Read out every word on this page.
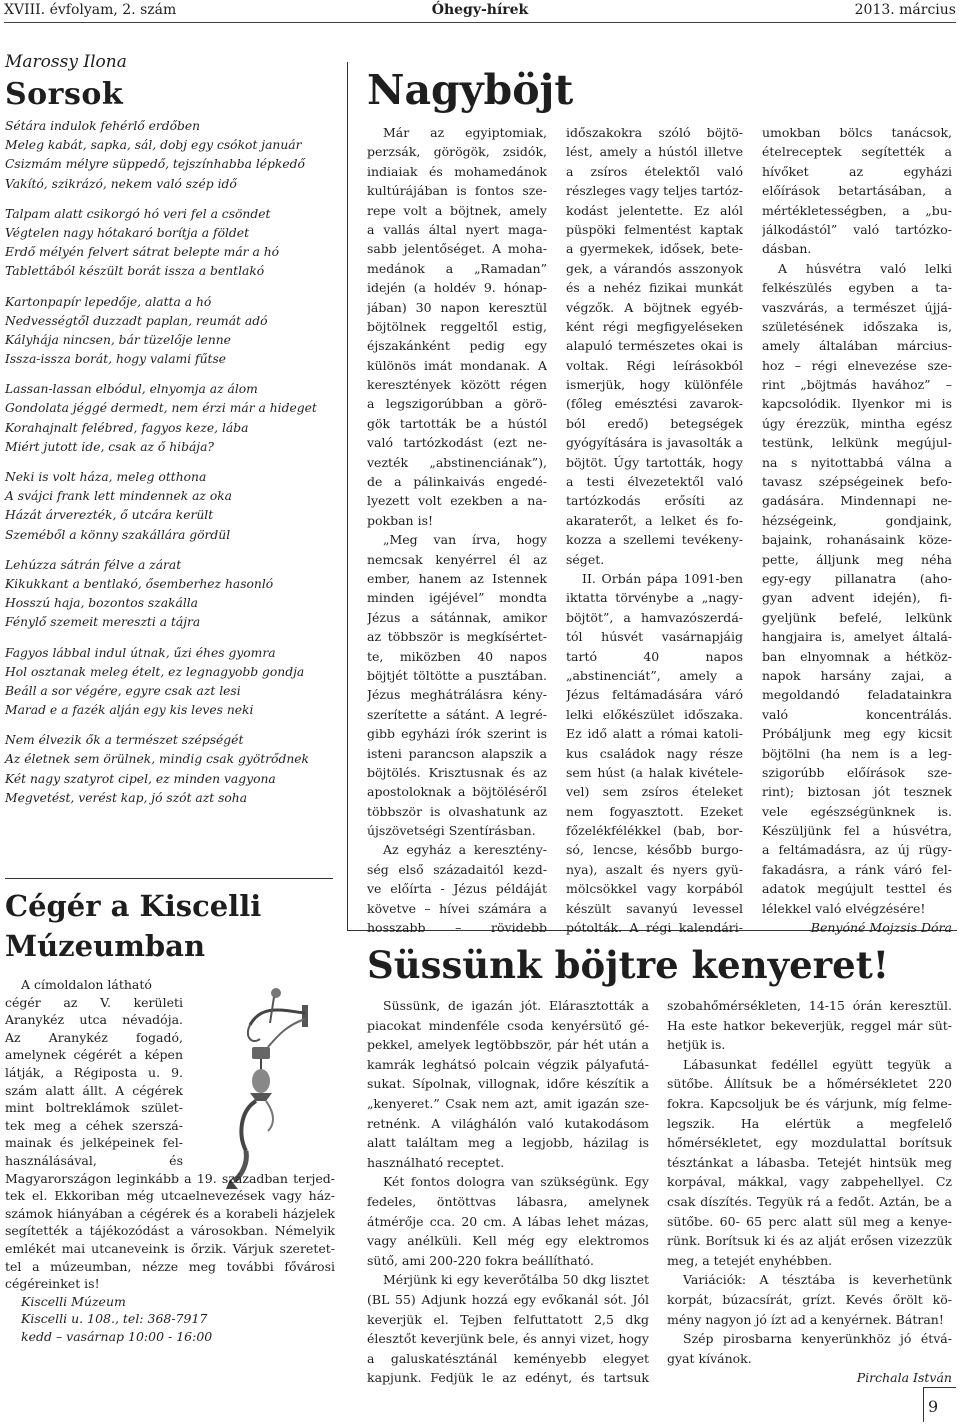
Óhegy-hírek
XVIII. évfolyam, 2. szám	2013. március
Marossy Ilona
Sorsok

Sétára indulok fehérlő erdőben

Meleg kabát, sapka, sál, dobj egy csókot január

Csizmám mélyre süppedő, tejszínhabba lépkedő

Vakító, szikrázó, nekem való szép idő

Talpam alatt csikorgó hó veri fel a csöndet

Végtelen nagy hótakaró borítja a földet

Erdő mélyén felvert sátrat belepte már a hó

Tablettából készült borát issza a bentlakó

Kartonpapír lepedője, alatta a hó

Nedvességtől duzzadt paplan, reumát adó

Kályhája nincsen, bár tüzelője lenne

Issza-issza borát, hogy valami fűtse

Lassan-lassan elbódul, elnyomja az álom

Gondolata jéggé dermedt, nem érzi már a hideget

Korahajnalt felébred, fagyos keze, lába

Miért jutott ide, csak az ő hibája?

Neki is volt háza, meleg otthona

A svájci frank lett mindennek az oka

Házát árverezték, ő utcára került

Szeméből a könny szakállára gördül

Lehúzza sátrán félve a zárat

Kikukkant a bentlakó, ősemberhez hasonló

Hosszú haja, bozontos szakálla

Fénylő szemeit mereszti a tájra

Fagyos lábbal indul útnak, űzi éhes gyomra

Hol osztanak meleg ételt, ez legnagyobb gondja

Beáll a sor végére, egyre csak azt lesi

Marad e a fazék alján egy kis leves neki

Nem élvezik ők a természet szépségét

Az életnek sem örülnek, mindig csak gyötrődnek

Két nagy szatyrot cipel, ez minden vagyona

Megvetést, verést kap, jó szót azt soha

Cégér a Kiscelli
Múzeumban

A címoldalon látható

cégér az V. kerületi

Aranykéz utca névadója.

Az Aranykéz fogadó,

amelynek cégérét a képen

látják, a Régiposta u. 9.

szám alatt állt. A cégérek

mint boltreklámok szület-

tek meg a céhek szerszá-

mainak és jelképeinek fel-

használásával, és

Magyarországon leginkább a 19. században terjed-

tek el. Ekkoriban még utcaelnevezések vagy ház-

számok hiányában a cégérek és a korabeli házjelek

segítették a tájékozódást a városokban. Némelyik

emlékét mai utcaneveink is őrzik. Várjuk szeretet-

tel a múzeumban, nézze meg további fővárosi

cégéreinket is!

Kiscelli Múzeum

Kiscelli u. 108., tel: 368-7917

kedd – vasárnap 10:00 - 16:00

Nagyböjt

Már az egyiptomiak,

perzsák, görögök, zsidók,

indiaiak és mohamedánok

kultúrájában is fontos sze-

repe volt a böjtnek, amely

a vallás által nyert maga-

sabb jelentőséget. A moha-

medánok a „Ramadan”

idején (a holdév 9. hónap-

jában) 30 napon keresztül

böjtölnek reggeltől estig,

éjszakánként pedig egy

különös imát mondanak. A

keresztények között régen

a legszigorúbban a görö-

gök tartották be a hústól

való tartózkodást (ezt ne-

vezték „abstinenciának”),

de a pálinkaivás engedé-

lyezett volt ezekben a na-

pokban is!

„Meg van írva, hogy

nemcsak kenyérrel él az

ember, hanem az Istennek

minden igéjével” mondta

Jézus a sátánnak, amikor

az többször is megkísértet-

te, miközben 40 napos

böjtjét töltötte a pusztában.

Jézus meghátrálásra kény-

szerítette a sátánt. A legré-

gibb egyházi írók szerint is

isteni parancson alapszik a

böjtölés. Krisztusnak és az

apostoloknak a böjtöléséről

többször is olvashatunk az

újszövetségi Szentírásban.

Az egyház a keresztény-

ség első századaitól kezd-

ve előírta - Jézus példáját

követve – hívei számára a

hosszabb – rövidebb

időszakokra szóló böjtö-

lést, amely a hústól illetve

a zsíros ételektől való

részleges vagy teljes tartóz-

kodást jelentette. Ez alól

püspöki felmentést kaptak

a gyermekek, idősek, bete-

gek, a várandós asszonyok

és a nehéz fizikai munkát

végzők. A böjtnek egyéb-

ként régi megfigyeléseken

alapuló természetes okai is

voltak. Régi leírásokból

ismerjük, hogy különféle

(főleg emésztési zavarok-

ból eredő) betegségek

gyógyítására is javasolták a

böjtöt. Úgy tartották, hogy

a testi élvezetektől való

tartózkodás erősíti az

akaraterőt, a lelket és fo-

kozza a szellemi tevékeny-

séget.

II. Orbán pápa 1091-ben

iktatta törvénybe a „nagy-

böjtöt”, a hamvazószerdá-

tól húsvét vasárnapjáig

tartó 40 napos

„abstinenciát”, amely a

Jézus feltámadására váró

lelki előkészület időszaka.

Ez idő alatt a római katoli-

kus családok nagy része

sem húst (a halak kivétele-

vel) sem zsíros ételeket

nem fogyasztott. Ezeket

főzelékfélékkel (bab, bor-

só, lencse, később burgo-

nya), aszalt és nyers gyü-

mölcsökkel vagy korpából

készült savanyú levessel

pótolták. A régi kalendári-

umokban bölcs tanácsok,

ételreceptek segítették a

hívőket az egyházi

előírások betartásában, a

mértékletességben, a „bu-

jálkodástól” való tartózko-

dásban.

A húsvétra való lelki

felkészülés egyben a ta-

vaszvárás, a természet újjá-

születésének időszaka is,

amely általában március-

hoz – régi elnevezése sze-

rint „böjtmás havához” –

kapcsolódik. Ilyenkor mi is

úgy érezzük, mintha egész

testünk, lelkünk megújul-

na s nyitottabbá válna a

tavasz szépségeinek befo-

gadására. Mindennapi ne-

hézségeink, gondjaink,

bajaink, rohanásaink köze-

pette, álljunk meg néha

egy-egy pillanatra (aho-

gyan advent idején), fi-

gyeljünk befelé, lelkünk

hangjaira is, amelyet általá-

ban elnyomnak a hétköz-

napok harsány zajai, a

megoldandó feladatainkra

való koncentrálás.

Próbáljunk meg egy kicsit

böjtölni (ha nem is a leg-

szigorúbb előírások sze-

rint); biztosan jót tesznek

vele egészségünknek is.

Készüljünk fel a húsvétra,

a feltámadásra, az új rügy-

fakadásra, a ránk váró fel-

adatok megújult testtel és

lélekkel való elvégzésére!

Benyóné Mojzsis Dóra

Süssünk böjtre kenyeret!

Süssünk, de igazán jót. Elárasztották a

piacokat mindenféle csoda kenyérsütő gé-

pekkel, amelyek legtöbbször, pár hét után a

kamrák leghátsó polcain végzik pályafutá-

sukat. Sípolnak, villognak, időre készítik a

„kenyeret.” Csak nem azt, amit igazán sze-

retnénk. A világhálón való kutakodásom

alatt találtam meg a legjobb, házilag is

használható receptet.

Két fontos dologra van szükségünk. Egy

fedeles, öntöttvas lábasra, amelynek

átmérője cca. 20 cm. A lábas lehet mázas,

vagy anélküli. Kell még egy elektromos

sütő, ami 200-220 fokra beállítható.

Mérjünk ki egy keverőtálba 50 dkg lisztet

(BL 55) Adjunk hozzá egy evőkanál sót. Jól

keverjük el. Tejben felfuttatott 2,5 dkg

élesztőt keverjünk bele, és annyi vizet, hogy

a galuskatésztánál keményebb elegyet

kapjunk. Fedjük le az edényt, és tartsuk

szobahőmérsékleten, 14-15 órán keresztül.

Ha este hatkor bekeverjük, reggel már süt-

hetjük is.

Lábasunkat fedéllel együtt tegyük a

sütőbe. Állítsuk be a hőmérsékletet 220

fokra. Kapcsoljuk be és várjunk, míg felme-

legszik. Ha elértük a megfelelő

hőmérsékletet, egy mozdulattal borítsuk

tésztánkat a lábasba. Tetejét hintsük meg

korpával, mákkal, vagy zabpehellyel. Cz

csak díszítés. Tegyük rá a fedőt. Aztán, be a

sütőbe. 60- 65 perc alatt sül meg a kenye-

rünk. Borítsuk ki és az alját erősen vizezzük

meg, a tetejét enyhébben.

Variációk: A tésztába is keverhetünk

korpát, búzacsírát, grízt. Kevés őrölt kö-

mény nagyon jó ízt ad a kenyérnek. Bátran!

Szép pirosbarna kenyerünkhöz jó étvá-

gyat kívánok.

Pirchala István

9
